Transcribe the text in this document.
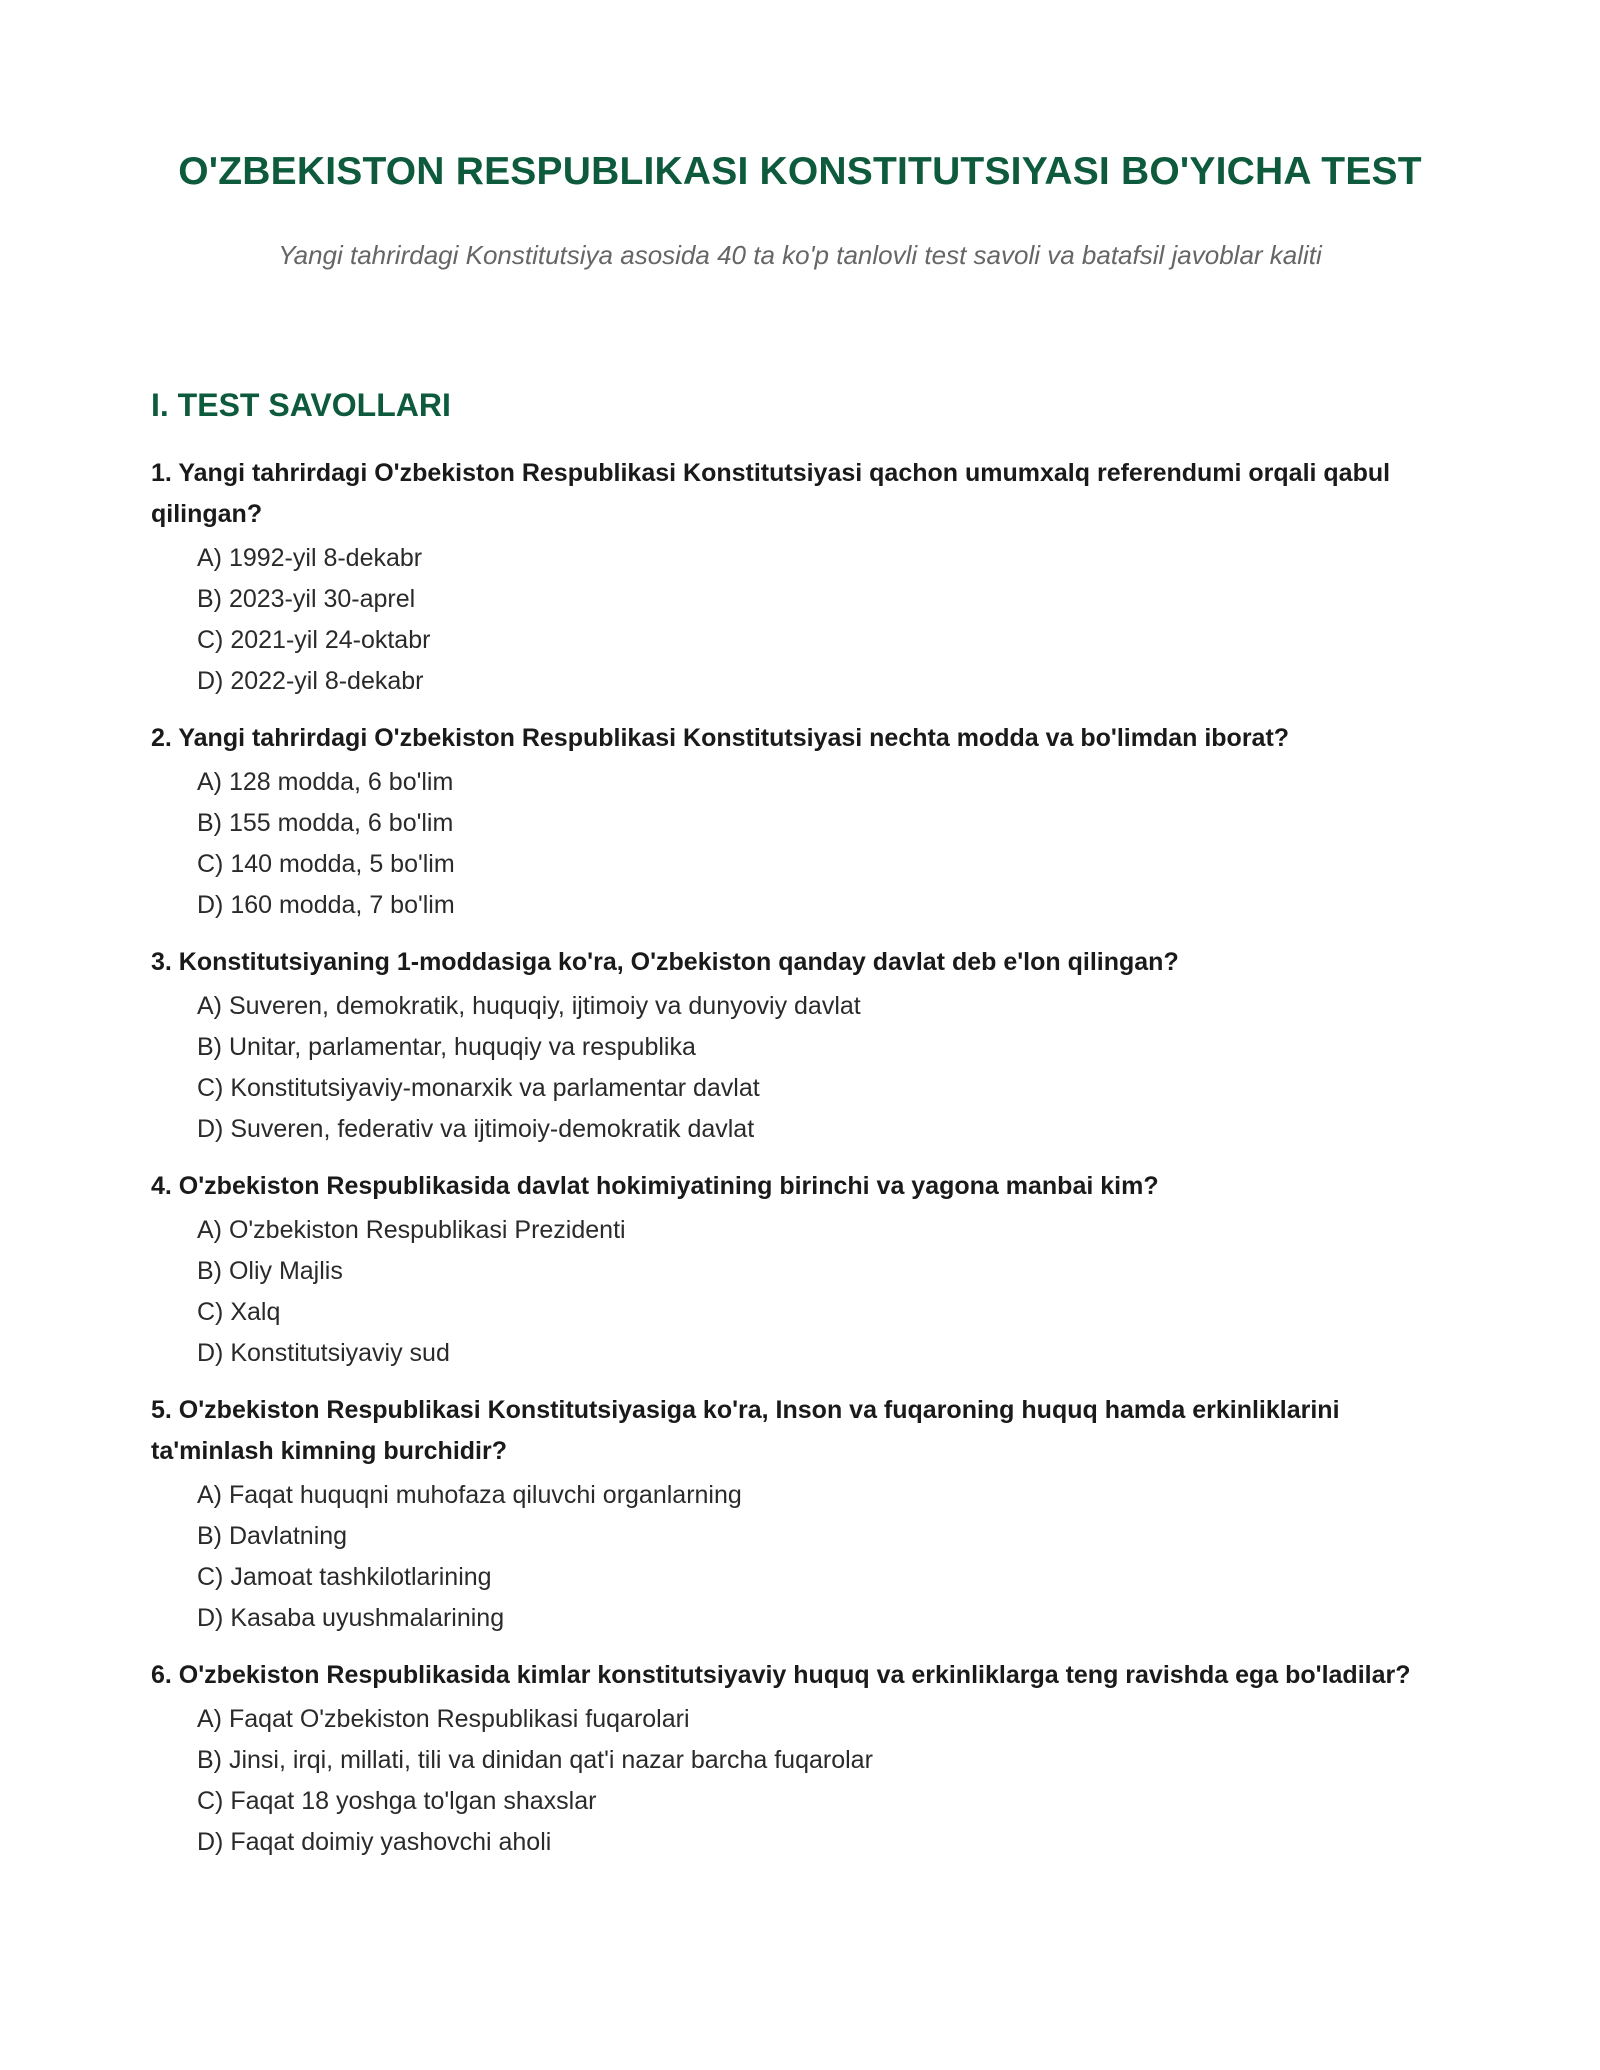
O'ZBEKISTON RESPUBLIKASI KONSTITUTSIYASI BO'YICHA TEST

Yangi tahrirdagi Konstitutsiya asosida 40 ta ko'p tanlovli test savoli va batafsil javoblar kaliti

I. TEST SAVOLLARI

1. Yangi tahrirdagi O'zbekiston Respublikasi Konstitutsiyasi qachon umumxalq referendumi orqali qabul qilingan?

A) 1992-yil 8-dekabr
B) 2023-yil 30-aprel
C) 2021-yil 24-oktabr
D) 2022-yil 8-dekabr

2. Yangi tahrirdagi O'zbekiston Respublikasi Konstitutsiyasi nechta modda va bo'limdan iborat?

A) 128 modda, 6 bo'lim
B) 155 modda, 6 bo'lim
C) 140 modda, 5 bo'lim
D) 160 modda, 7 bo'lim

3. Konstitutsiyaning 1-moddasiga ko'ra, O'zbekiston qanday davlat deb e'lon qilingan?

A) Suveren, demokratik, huquqiy, ijtimoiy va dunyoviy davlat
B) Unitar, parlamentar, huquqiy va respublika
C) Konstitutsiyaviy-monarxik va parlamentar davlat
D) Suveren, federativ va ijtimoiy-demokratik davlat

4. O'zbekiston Respublikasida davlat hokimiyatining birinchi va yagona manbai kim?

A) O'zbekiston Respublikasi Prezidenti
B) Oliy Majlis
C) Xalq
D) Konstitutsiyaviy sud

5. O'zbekiston Respublikasi Konstitutsiyasiga ko'ra, Inson va fuqaroning huquq hamda erkinliklarini ta'minlash kimning burchidir?

A) Faqat huquqni muhofaza qiluvchi organlarning
B) Davlatning
C) Jamoat tashkilotlarining
D) Kasaba uyushmalarining

6. O'zbekiston Respublikasida kimlar konstitutsiyaviy huquq va erkinliklarga teng ravishda ega bo'ladilar?

A) Faqat O'zbekiston Respublikasi fuqarolari
B) Jinsi, irqi, millati, tili va dinidan qat'i nazar barcha fuqarolar
C) Faqat 18 yoshga to'lgan shaxslar
D) Faqat doimiy yashovchi aholi
